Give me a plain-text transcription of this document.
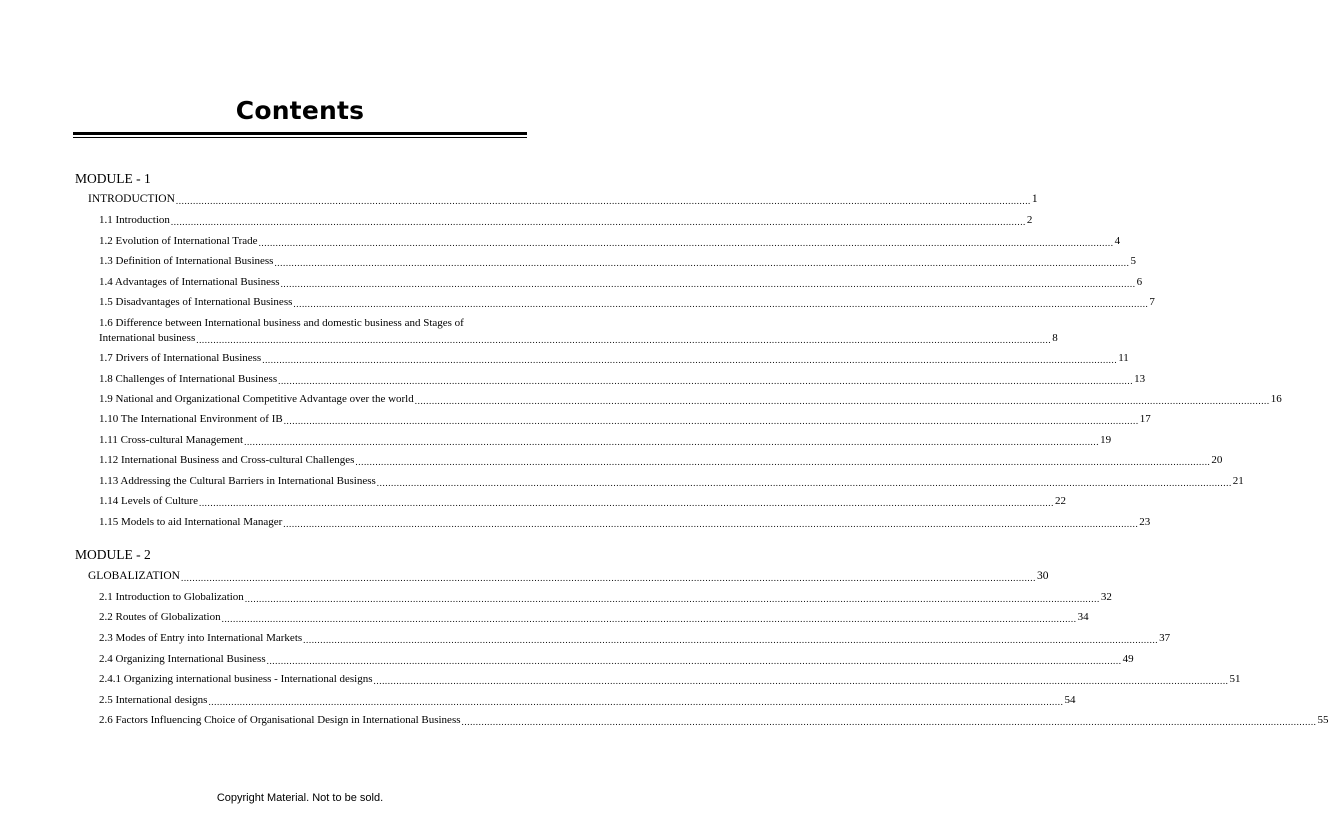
Contents
MODULE - 1
INTRODUCTION ............................................................................................................................................................................................................................................................................................................ 1
1.1 Introduction ............................................................................................................................................................................................................................................................................................................ 2
1.2 Evolution of International Trade ............................................................................................................................................................................................................................................................................................................ 4
1.3 Definition of International Business ............................................................................................................................................................................................................................................................................................................ 5
1.4 Advantages of International Business ............................................................................................................................................................................................................................................................................................................ 6
1.5 Disadvantages of International Business ............................................................................................................................................................................................................................................................................................................ 7
1.6 Difference between International business and domestic business and Stages of
International business ............................................................................................................................................................................................................................................................................................................ 8
1.7 Drivers of International Business ............................................................................................................................................................................................................................................................................................................ 11
1.8 Challenges of International Business ............................................................................................................................................................................................................................................................................................................ 13
1.9 National and Organizational Competitive Advantage over the world ............................................................................................................................................................................................................................................................................................................ 16
1.10 The International Environment of IB ............................................................................................................................................................................................................................................................................................................ 17
1.11 Cross-cultural Management ............................................................................................................................................................................................................................................................................................................ 19
1.12 International Business and Cross-cultural Challenges ............................................................................................................................................................................................................................................................................................................ 20
1.13 Addressing the Cultural Barriers in International Business ............................................................................................................................................................................................................................................................................................................ 21
1.14 Levels of Culture ............................................................................................................................................................................................................................................................................................................ 22
1.15 Models to aid International Manager ............................................................................................................................................................................................................................................................................................................ 23
MODULE - 2
GLOBALIZATION ............................................................................................................................................................................................................................................................................................................ 30
2.1 Introduction to Globalization ............................................................................................................................................................................................................................................................................................................ 32
2.2 Routes of Globalization ............................................................................................................................................................................................................................................................................................................ 34
2.3 Modes of Entry into International Markets ............................................................................................................................................................................................................................................................................................................ 37
2.4 Organizing International Business ............................................................................................................................................................................................................................................................................................................ 49
2.4.1 Organizing international business - International designs ............................................................................................................................................................................................................................................................................................................ 51
2.5 International designs ............................................................................................................................................................................................................................................................................................................ 54
2.6 Factors Influencing Choice of Organisational Design in International Business ............................................................................................................................................................................................................................................................................................................ 55
Copyright Material. Not to be sold.
